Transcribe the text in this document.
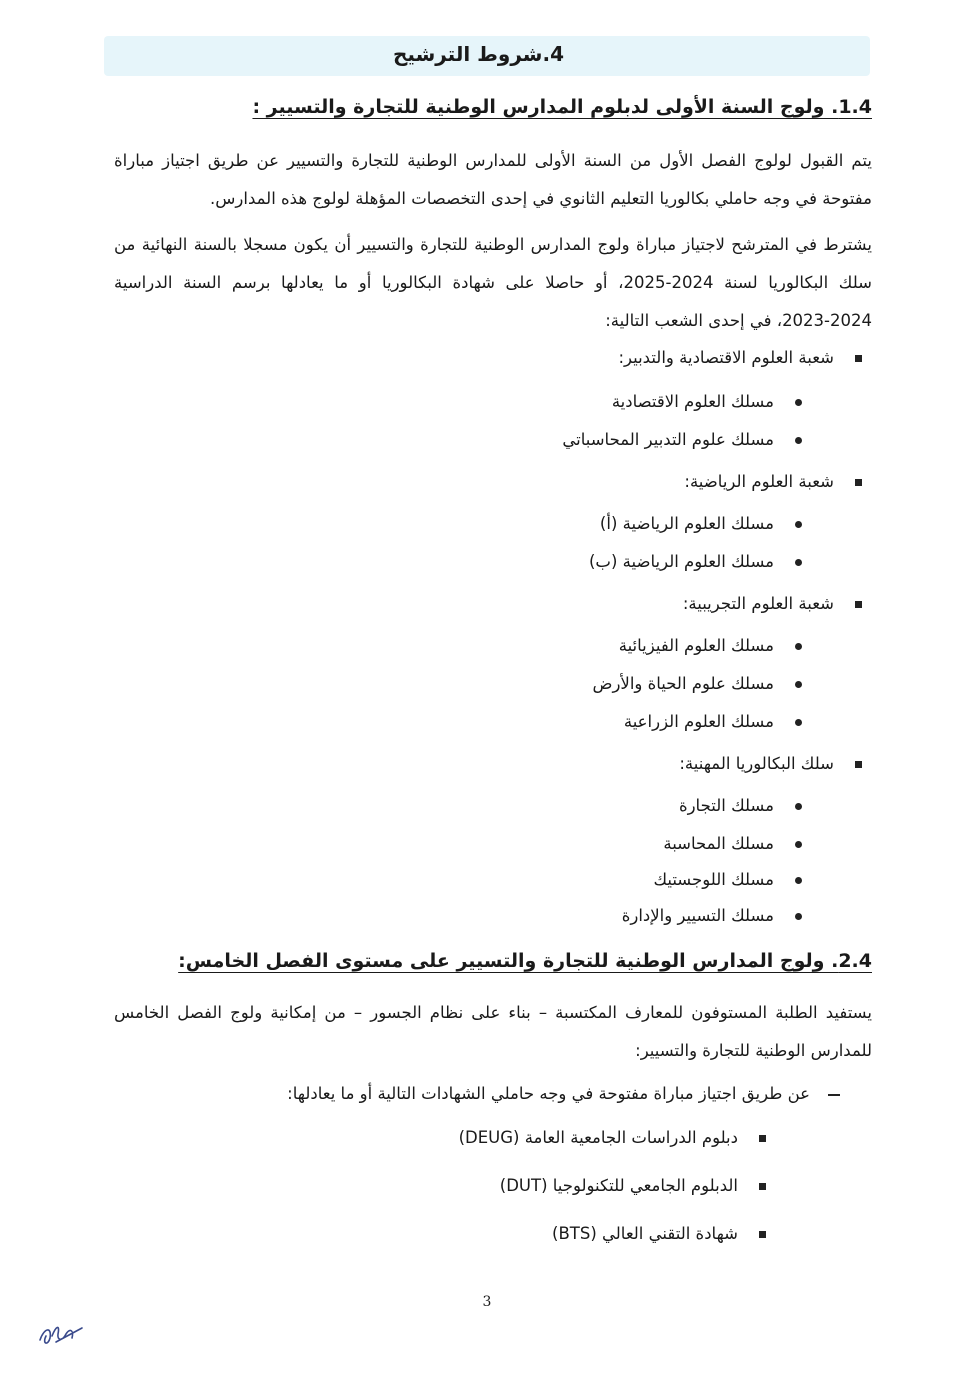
4.شروط الترشيح
1.4. ولوج السنة الأولى لدبلوم المدارس الوطنية للتجارة والتسيير :
يتم القبول لولوج الفصل الأول من السنة الأولى للمدارس الوطنية للتجارة والتسيير عن طريق اجتياز مباراة
مفتوحة في وجه حاملي بكالوريا التعليم الثانوي في إحدى التخصصات المؤهلة لولوج هذه المدارس.
يشترط في المترشح لاجتياز مباراة ولوج المدارس الوطنية للتجارة والتسيير أن يكون مسجلا بالسنة النهائية من
سلك البكالوريا لسنة 2024-2025، أو حاصلا على شهادة البكالوريا أو ما يعادلها برسم السنة الدراسية
2023-2024، في إحدى الشعب التالية:
شعبة العلوم الاقتصادية والتدبير:
مسلك العلوم الاقتصادية
مسلك علوم التدبير المحاسباتي
شعبة العلوم الرياضية:
مسلك العلوم الرياضية (أ)
مسلك العلوم الرياضية (ب)
شعبة العلوم التجريبية:
مسلك العلوم الفيزيائية
مسلك علوم الحياة والأرض
مسلك العلوم الزراعية
سلك البكالوريا المهنية:
مسلك التجارة
مسلك المحاسبة
مسلك اللوجستيك
مسلك التسيير والإدارة
2.4. ولوج المدارس الوطنية للتجارة والتسيير على مستوى الفصل الخامس:
يستفيد الطلبة المستوفون للمعارف المكتسبة – بناء على نظام الجسور – من إمكانية ولوج الفصل الخامس
للمدارس الوطنية للتجارة والتسيير:
عن طريق اجتياز مباراة مفتوحة في وجه حاملي الشهادات التالية أو ما يعادلها:
دبلوم الدراسات الجامعية العامة (DEUG)
الدبلوم الجامعي للتكنولوجيا (DUT)
شهادة التقني العالي (BTS)
3
